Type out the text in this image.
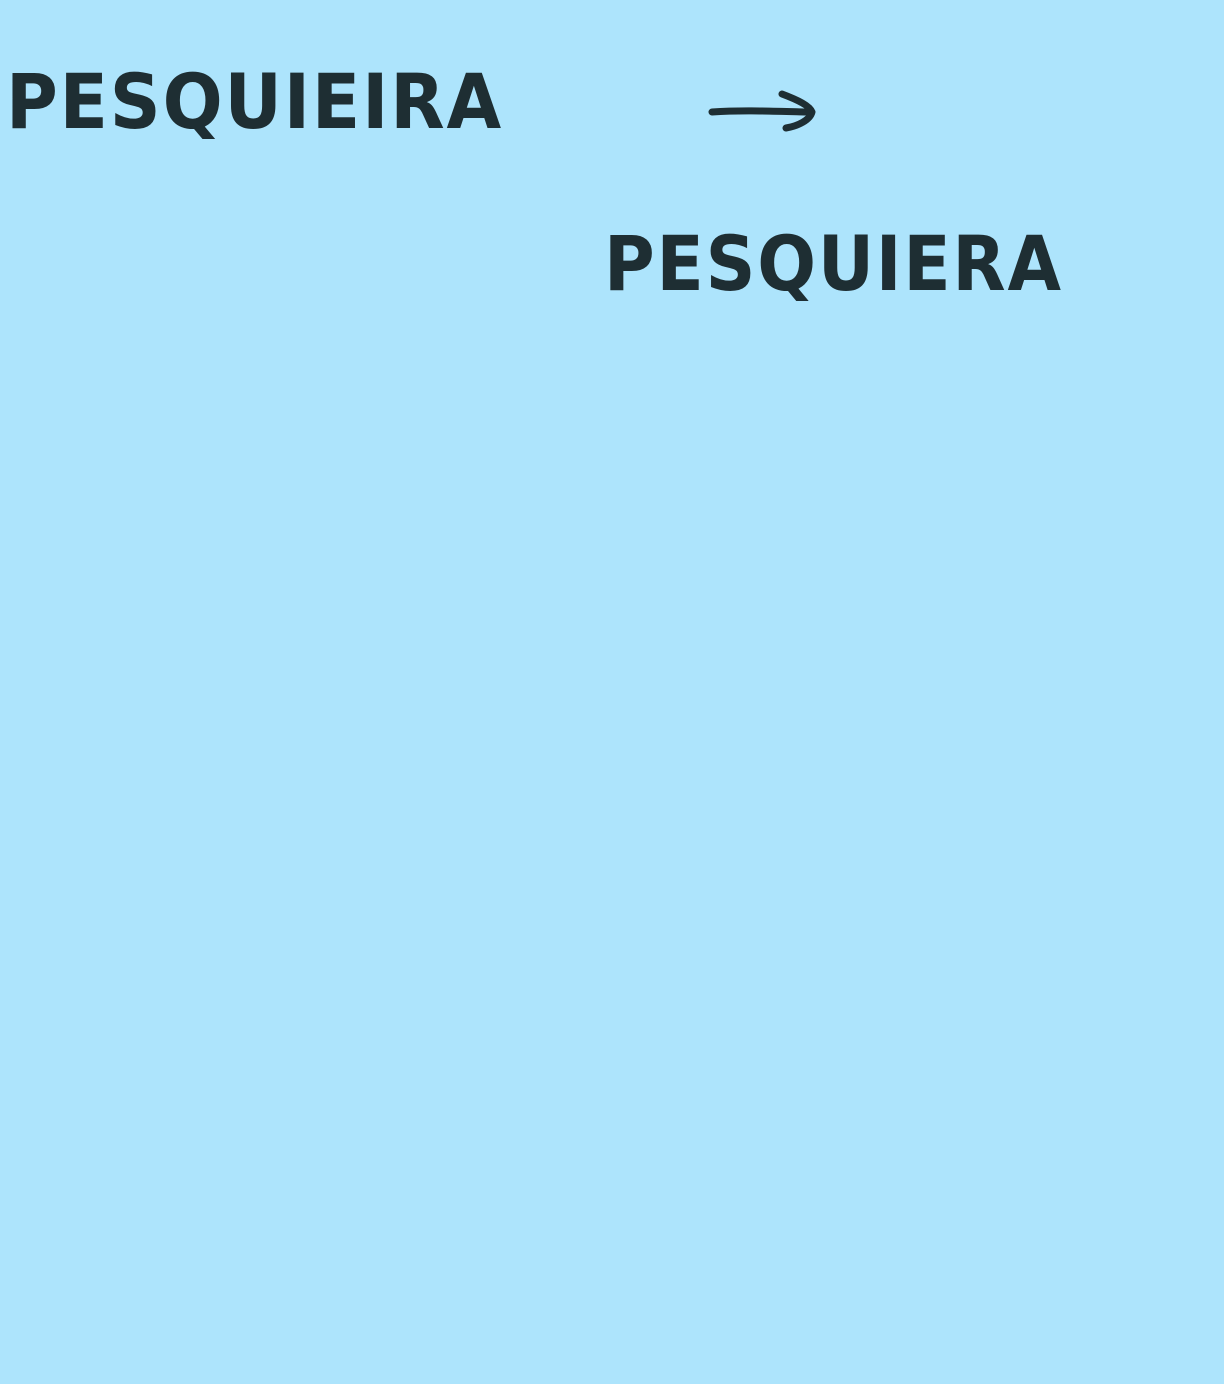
PESQUIEIRA

PESQUIERA
